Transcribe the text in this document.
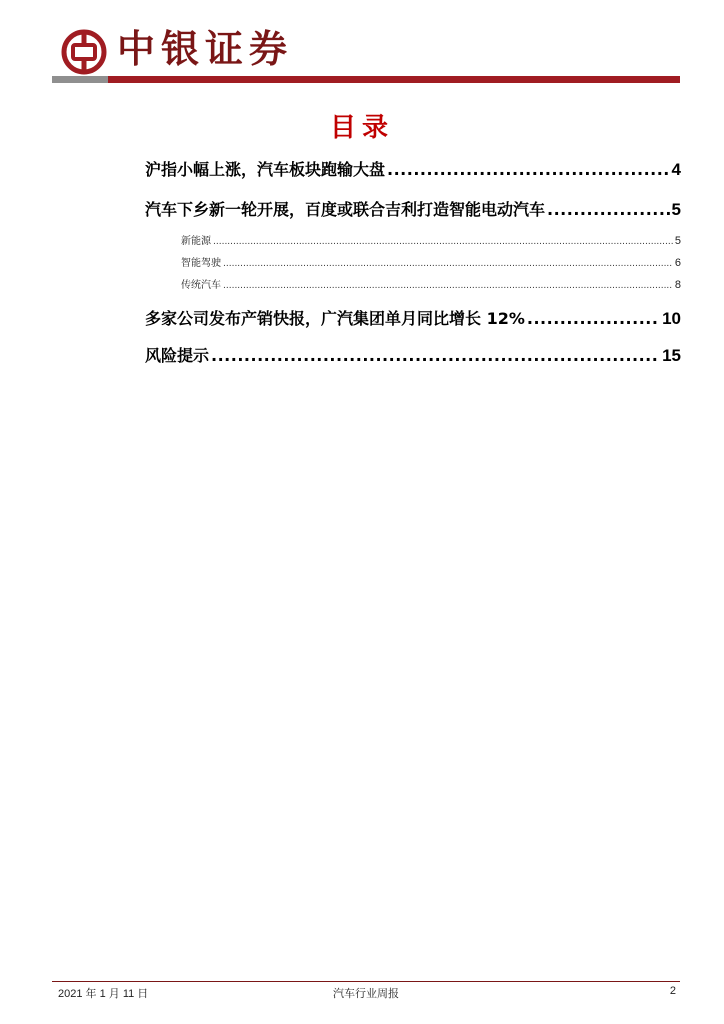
中银证券
目录
沪指小幅上涨，汽车板块跑输大盘 .....	4
汽车下乡新一轮开展，百度或联合吉利打造智能电动汽车 .....	5
新能源 .....	5
智能驾驶 .....	6
传统汽车 .....	8
多家公司发布产销快报，广汽集团单月同比增长 12% .....	10
风险提示 .....	15
2021 年 1 月 11 日	汽车行业周报	2
